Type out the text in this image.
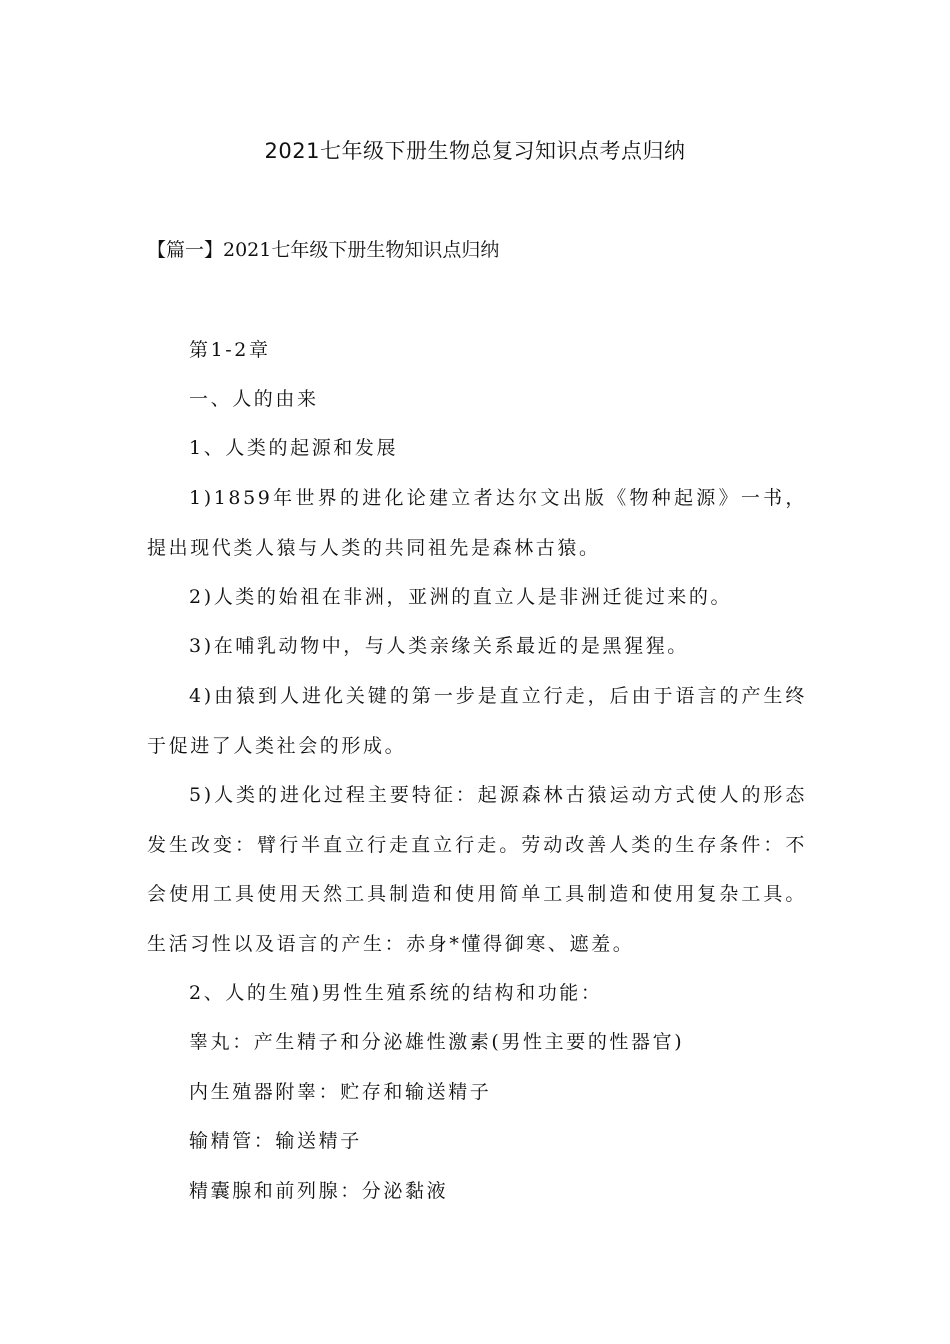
2021七年级下册生物总复习知识点考点归纳
【篇一】2021七年级下册生物知识点归纳

第1-2章

一、人的由来

1、人类的起源和发展

1)1859年世界的进化论建立者达尔文出版《物种起源》一书，提出现代类人猿与人类的共同祖先是森林古猿。

2)人类的始祖在非洲，亚洲的直立人是非洲迁徙过来的。

3)在哺乳动物中，与人类亲缘关系最近的是黑猩猩。

4)由猿到人进化关键的第一步是直立行走，后由于语言的产生终于促进了人类社会的形成。

5)人类的进化过程主要特征：起源森林古猿运动方式使人的形态发生改变：臂行半直立行走直立行走。劳动改善人类的生存条件：不会使用工具使用天然工具制造和使用简单工具制造和使用复杂工具。生活习性以及语言的产生：赤身*懂得御寒、遮羞。

2、人的生殖)男性生殖系统的结构和功能：

睾丸：产生精子和分泌雄性激素(男性主要的性器官)

内生殖器附睾：贮存和输送精子

输精管：输送精子

精囊腺和前列腺：分泌黏液
